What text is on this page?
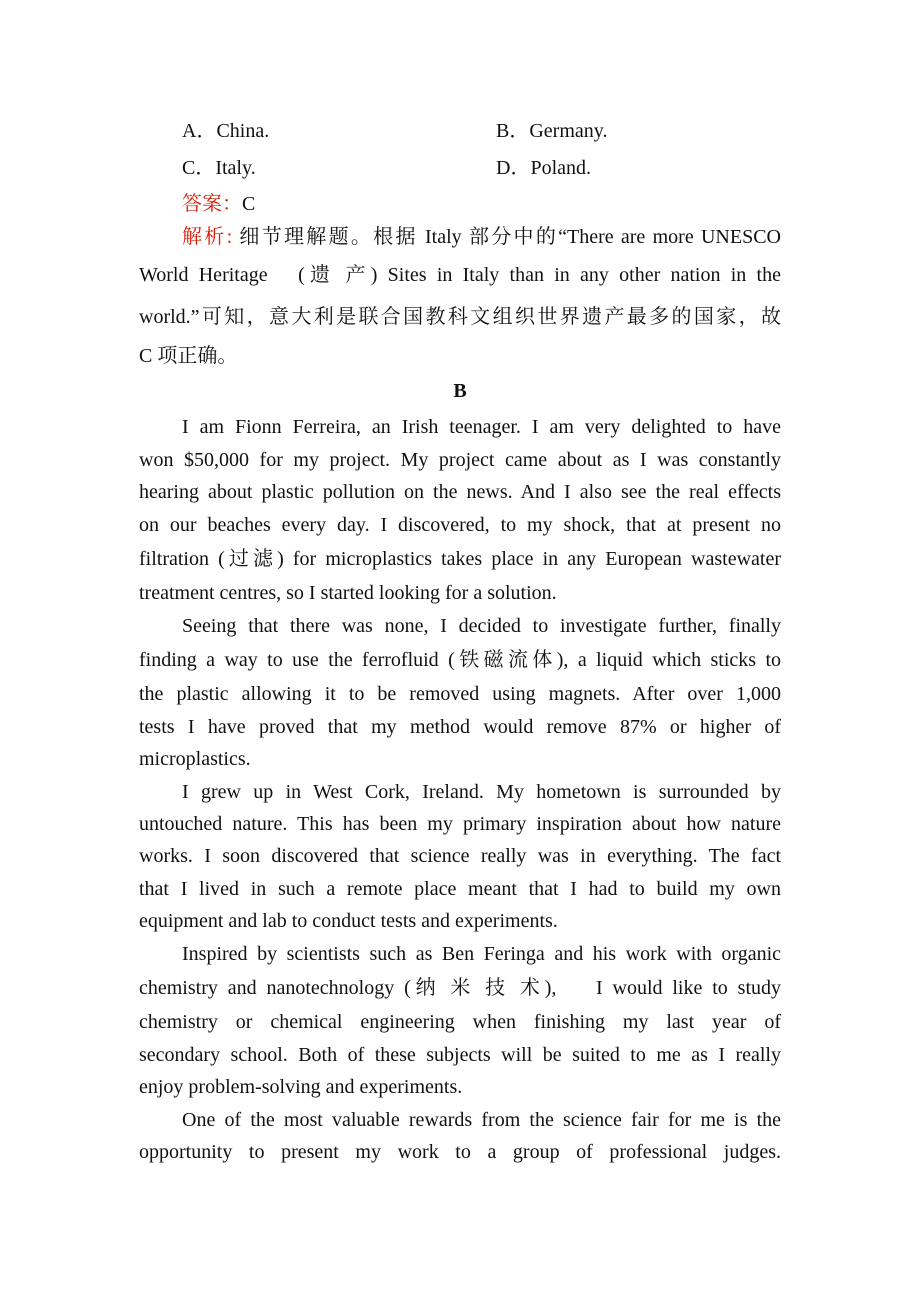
A．China.	B．Germany.
C．Italy.	D．Poland.
答案：C
解析: 细节理解题。根据 Italy 部分中的“There are more UNESCO
World Heritage　(遗 产) Sites in Italy than in any other nation in the
world.”可知，意大利是联合国教科文组织世界遗产最多的国家，故
C 项正确。
B
I am Fionn Ferreira, an Irish teenager. I am very delighted to have
won $50,000 for my project. My project came about as I was constantly
hearing about plastic pollution on the news. And I also see the real effects
on our beaches every day. I discovered, to my shock, that at present no
filtration (过滤) for microplastics takes place in any European wastewater
treatment centres, so I started looking for a solution.
Seeing that there was none, I decided to investigate further, finally
finding a way to use the ferrofluid (铁磁流体), a liquid which sticks to
the plastic allowing it to be removed using magnets. After over 1,000
tests I have proved that my method would remove 87% or higher of
microplastics.
I grew up in West Cork, Ireland. My hometown is surrounded by
untouched nature. This has been my primary inspiration about how nature
works. I soon discovered that science really was in everything. The fact
that I lived in such a remote place meant that I had to build my own
equipment and lab to conduct tests and experiments.
Inspired by scientists such as Ben Feringa and his work with organic
chemistry and nanotechnology (纳 米 技 术),　 I would like to study
chemistry or chemical engineering when finishing my last year of
secondary school. Both of these subjects will be suited to me as I really
enjoy problem-solving and experiments.
One of the most valuable rewards from the science fair for me is the
opportunity to present my work to a group of professional judges.
